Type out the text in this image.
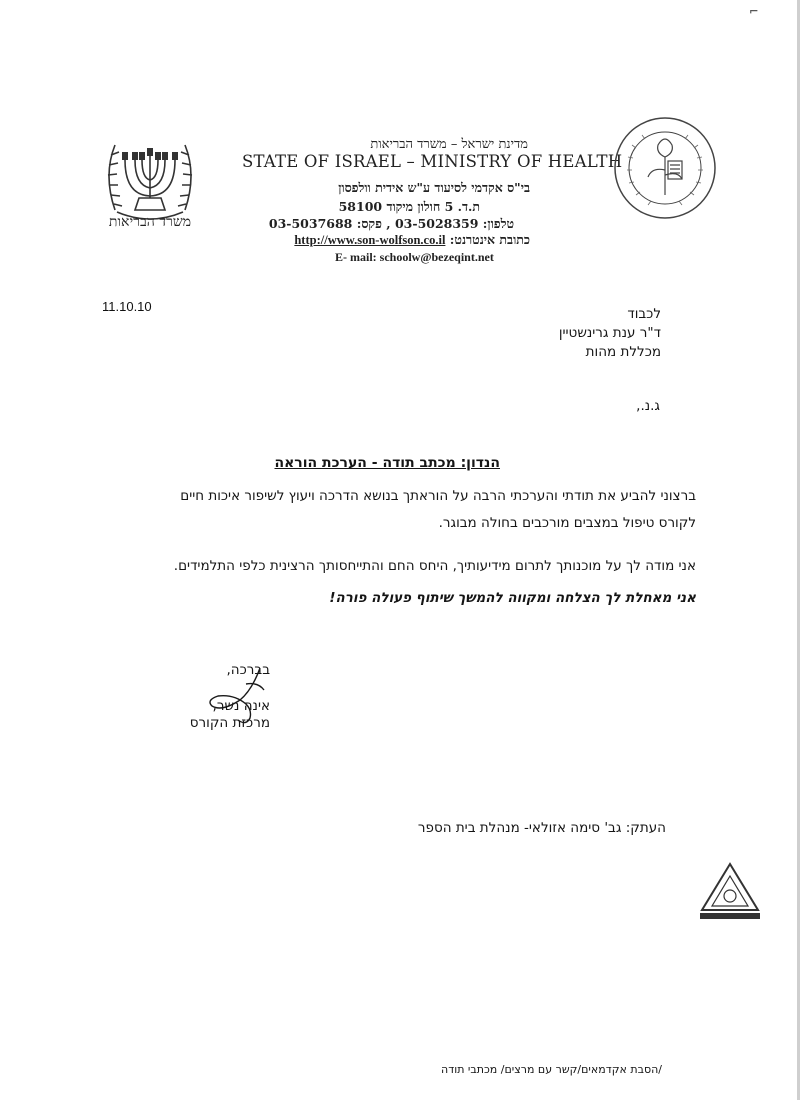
⌐
משרד הבריאות
מדינת ישראל – משרד הבריאות
STATE OF ISRAEL – MINISTRY OF HEALTH
בי"ס אקדמי לסיעוד ע"ש אידית וולפסון
ת.ד. 5 חולון מיקוד 58100
טלפון: 03-5028359 , פקס: 03-5037688
כתובת אינטרנט: http://www.son-wolfson.co.il
E- mail: schoolw@bezeqint.net
11.10.10	לכבוד
ד"ר ענת גרינשטיין
מכללת מהות
ג.נ.,
הנדון: מכתב תודה - הערכת הוראה
ברצוני להביע את תודתי והערכתי הרבה על הוראתך בנושא הדרכה ויעוץ לשיפור איכות חיים
לקורס טיפול במצבים מורכבים בחולה מבוגר.
אני מודה לך על מוכנותך לתרום מידיעותיך, היחס החם והתייחסותך הרצינית כלפי התלמידים.
אני מאחלת לך הצלחה ומקווה להמשך שיתוף פעולה פורה!
בברכה,
אינה נשר,
מרכזת הקורס
העתק: גב' סימה אזולאי- מנהלת בית הספר
/הסבת אקדמאים/קשר עם מרצים/ מכתבי תודה
